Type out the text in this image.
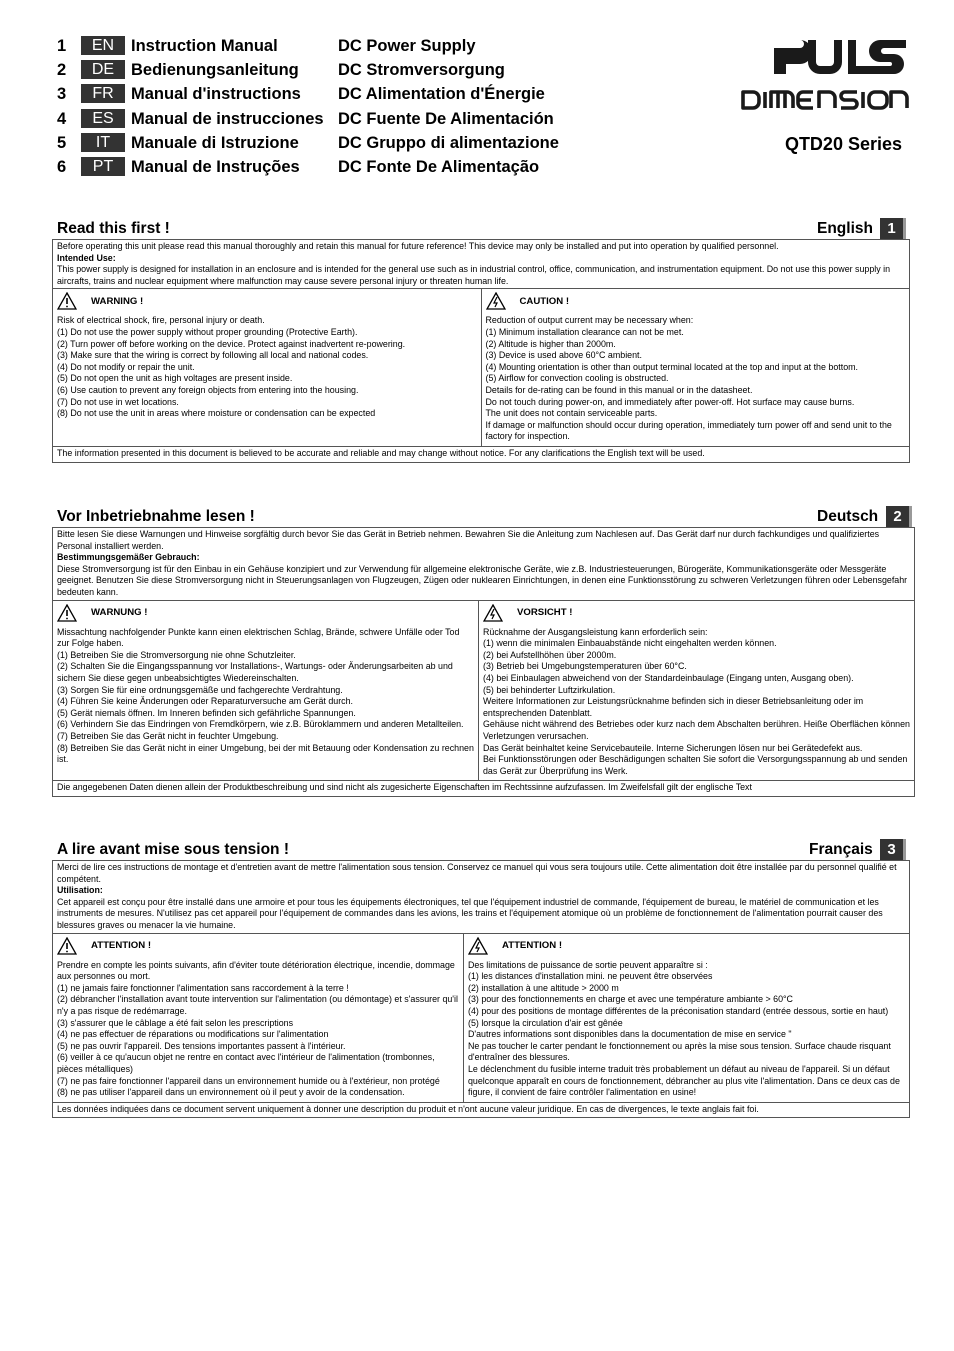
1	EN	Instruction Manual	DC Power Supply
2	DE	Bedienungsanleitung DC Stromversorgung
3	FR	Manual d'instructions DC Alimentation d'Énergie
4	ES	Manual de instrucciones DC Fuente De Alimentación
5	IT	Manuale di Istruzione DC Gruppo di alimentazione
6	PT	Manual de Instruções DC Fonte De Alimentação
QTD20 Series
Read this first !	English 1
Before operating this unit please read this manual thoroughly and retain this manual for future reference! This device may only be installed and put into operation by qualified personnel.
Intended Use:
This power supply is designed for installation in an enclosure and is intended for the general use such as in industrial control, office, communication, and instrumentation equipment. Do not use this power supply in aircrafts, trains and nuclear equipment where malfunction may cause severe personal injury or threaten human life.
WARNING !
Risk of electrical shock, fire, personal injury or death.
(1) Do not use the power supply without proper grounding (Protective Earth).
(2) Turn power off before working on the device. Protect against inadvertent re-powering.
(3) Make sure that the wiring is correct by following all local and national codes.
(4) Do not modify or repair the unit.
(5) Do not open the unit as high voltages are present inside.
(6) Use caution to prevent any foreign objects from entering into the housing.
(7) Do not use in wet locations.
(8) Do not use the unit in areas where moisture or condensation can be expected
CAUTION !
Reduction of output current may be necessary when:
(1) Minimum installation clearance can not be met.
(2) Altitude is higher than 2000m.
(3) Device is used above 60°C ambient.
(4) Mounting orientation is other than output terminal located at the top and input at the bottom.
(5) Airflow for convection cooling is obstructed.
Details for de-rating can be found in this manual or in the datasheet.
Do not touch during power-on, and immediately after power-off. Hot surface may cause burns.
The unit does not contain serviceable parts.
If damage or malfunction should occur during operation, immediately turn power off and send unit to the factory for inspection.
The information presented in this document is believed to be accurate and reliable and may change without notice. For any clarifications the English text will be used.
Vor Inbetriebnahme lesen !	Deutsch	2
Bitte lesen Sie diese Warnungen und Hinweise sorgfältig durch bevor Sie das Gerät in Betrieb nehmen. Bewahren Sie die Anleitung zum Nachlesen auf. Das Gerät darf nur durch fachkundiges und qualifiziertes Personal installiert werden.
Bestimmungsgemäßer Gebrauch:
Diese Stromversorgung ist für den Einbau in ein Gehäuse konzipiert und zur Verwendung für allgemeine elektronische Geräte, wie z.B. Industriesteuerungen, Bürogeräte, Kommunikationsgeräte oder Messgeräte geeignet. Benutzen Sie diese Stromversorgung nicht in Steuerungsanlagen von Flugzeugen, Zügen oder nuklearen Einrichtungen, in denen eine Funktionsstörung zu schweren Verletzungen führen oder Lebensgefahr bedeuten kann.
WARNUNG !
Missachtung nachfolgender Punkte kann einen elektrischen Schlag, Brände, schwere Unfälle oder Tod zur Folge haben.
(1) Betreiben Sie die Stromversorgung nie ohne Schutzleiter.
(2) Schalten Sie die Eingangsspannung vor Installations-, Wartungs- oder Änderungsarbeiten ab und sichern Sie diese gegen unbeabsichtigtes Wiedereinschalten.
(3) Sorgen Sie für eine ordnungsgemäße und fachgerechte Verdrahtung.
(4) Führen Sie keine Änderungen oder Reparaturversuche am Gerät durch.
(5) Gerät niemals öffnen. Im Inneren befinden sich gefährliche Spannungen.
(6) Verhindern Sie das Eindringen von Fremdkörpern, wie z.B. Büroklammern und anderen Metallteilen.
(7) Betreiben Sie das Gerät nicht in feuchter Umgebung.
(8) Betreiben Sie das Gerät nicht in einer Umgebung, bei der mit Betauung oder Kondensation zu rechnen ist.
VORSICHT !
Rücknahme der Ausgangsleistung kann erforderlich sein:
(1) wenn die minimalen Einbauabstände nicht eingehalten werden können.
(2) bei Aufstellhöhen über 2000m.
(3) Betrieb bei Umgebungstemperaturen über 60°C.
(4) bei Einbaulagen abweichend von der Standardeinbaulage (Eingang unten, Ausgang oben).
(5) bei behinderter Luftzirkulation.
Weitere Informationen zur Leistungsrücknahme befinden sich in dieser Betriebsanleitung oder im entsprechenden Datenblatt.
Gehäuse nicht während des Betriebes oder kurz nach dem Abschalten berühren. Heiße Oberflächen können Verletzungen verursachen.
Das Gerät beinhaltet keine Servicebauteile. Interne Sicherungen lösen nur bei Gerätedefekt aus.
Bei Funktionsstörungen oder Beschädigungen schalten Sie sofort die Versorgungsspannung ab und senden das Gerät zur Überprüfung ins Werk.
Die angegebenen Daten dienen allein der Produktbeschreibung und sind nicht als zugesicherte Eigenschaften im Rechtssinne aufzufassen. Im Zweifelsfall gilt der englische Text
A lire avant mise sous tension !	Français 3
Merci de lire ces instructions de montage et d'entretien avant de mettre l'alimentation sous tension. Conservez ce manuel qui vous sera toujours utile. Cette alimentation doit être installée par du personnel qualifié et compétent.
Utilisation:
Cet appareil est conçu pour être installé dans une armoire et pour tous les équipements électroniques, tel que l'équipement industriel de commande, l'équipement de bureau, le matériel de communication et les instruments de mesures. N'utilisez pas cet appareil pour l'équipement de commandes dans les avions, les trains et l'équipement atomique où un problème de fonctionnement de l'alimentation pourrait causer des blessures graves ou menacer la vie humaine.
ATTENTION !
Prendre en compte les points suivants, afin d'éviter toute détérioration électrique, incendie, dommage aux personnes ou mort.
(1) ne jamais faire fonctionner l'alimentation sans raccordement à la terre !
(2) débrancher l'installation avant toute intervention sur l'alimentation (ou démontage) et s'assurer qu'il n'y a pas risque de redémarrage.
(3) s'assurer que le câblage a été fait selon les prescriptions
(4) ne pas effectuer de réparations ou modifications sur l'alimentation
(5) ne pas ouvrir l'appareil. Des tensions importantes passent à l'intérieur.
(6) veiller à ce qu'aucun objet ne rentre en contact avec l'intérieur de l'alimentation (trombonnes, pièces métalliques)
(7) ne pas faire fonctionner l'appareil dans un environnement humide ou à l'extérieur, non protégé
(8) ne pas utiliser l'appareil dans un environnement où il peut y avoir de la condensation.
ATTENTION !
Des limitations de puissance de sortie peuvent apparaître si :
(1) les distances d'installation mini. ne peuvent être observées
(2) installation à une altitude > 2000 m
(3) pour des fonctionnements en charge et avec une température ambiante > 60°C
(4) pour des positions de montage différentes de la préconisation standard (entrée dessous, sortie en haut)
(5) lorsque la circulation d'air est gênée
D'autres informations sont disponibles dans la documentation de mise en service "
Ne pas toucher le carter pendant le fonctionnement ou après la mise sous tension. Surface chaude risquant d'entraîner des blessures.
Le déclenchment du fusible interne traduit très probablement un défaut au niveau de l'appareil. Si un défaut quelconque apparaît en cours de fonctionnement, débrancher au plus vite l'alimentation. Dans ce deux cas de figure, il convient de faire contrôler l'alimentation en usine!
Les données indiquées dans ce document servent uniquement à donner une description du produit et n'ont aucune valeur juridique. En cas de divergences, le texte anglais fait foi.
